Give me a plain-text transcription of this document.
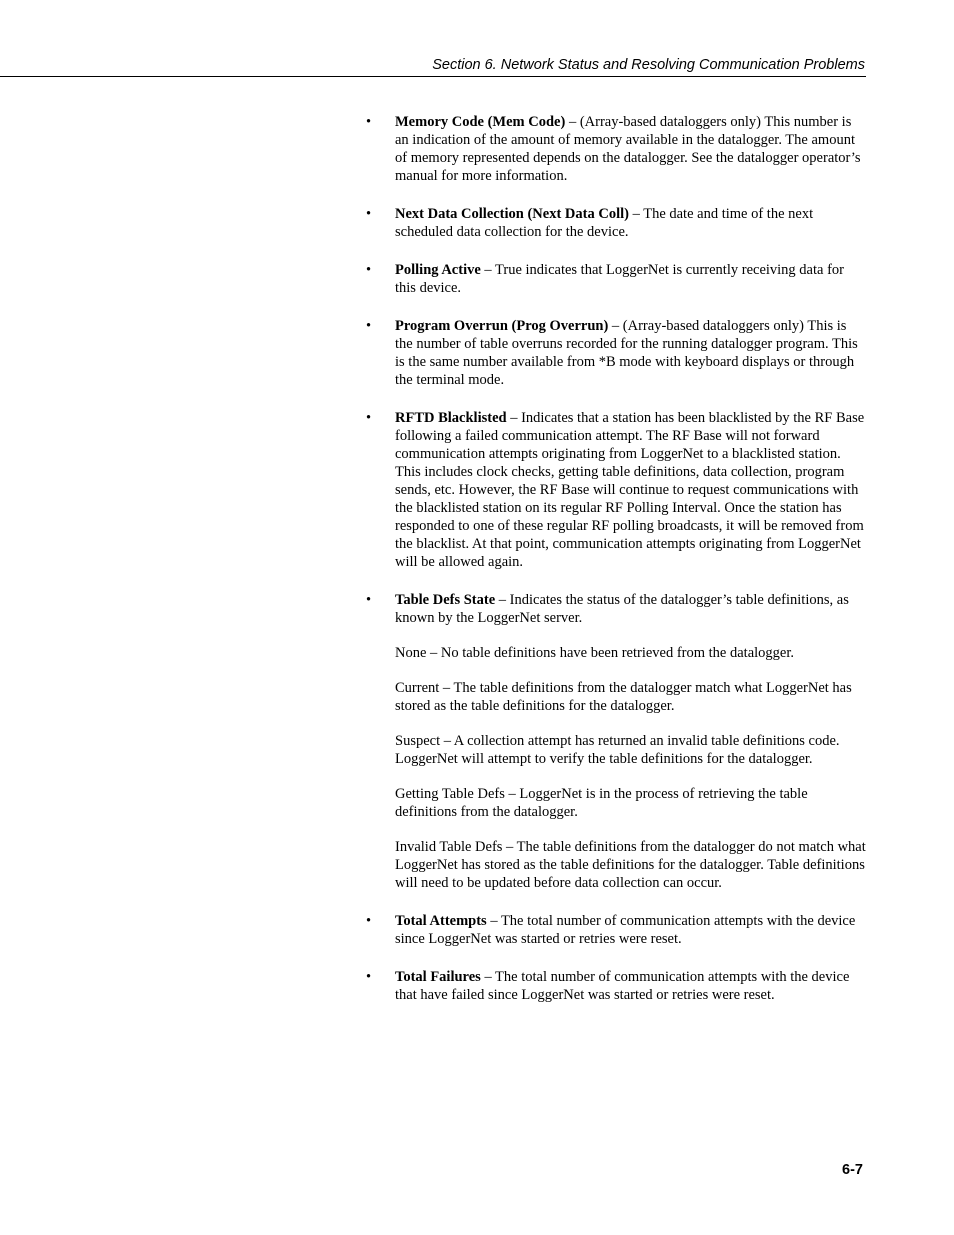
Section 6. Network Status and Resolving Communication Problems
• Memory Code (Mem Code) – (Array-based dataloggers only) This number is an indication of the amount of memory available in the datalogger. The amount of memory represented depends on the datalogger. See the datalogger operator’s manual for more information.

• Next Data Collection (Next Data Coll) – The date and time of the next scheduled data collection for the device.

• Polling Active – True indicates that LoggerNet is currently receiving data for this device.

• Program Overrun (Prog Overrun) – (Array-based dataloggers only) This is the number of table overruns recorded for the running datalogger program. This is the same number available from *B mode with keyboard displays or through the terminal mode.

• RFTD Blacklisted – Indicates that a station has been blacklisted by the RF Base following a failed communication attempt. The RF Base will not forward communication attempts originating from LoggerNet to a blacklisted station. This includes clock checks, getting table definitions, data collection, program sends, etc. However, the RF Base will continue to request communications with the blacklisted station on its regular RF Polling Interval. Once the station has responded to one of these regular RF polling broadcasts, it will be removed from the blacklist. At that point, communication attempts originating from LoggerNet will be allowed again.

• Table Defs State – Indicates the status of the datalogger’s table definitions, as known by the LoggerNet server.

None – No table definitions have been retrieved from the datalogger.

Current – The table definitions from the datalogger match what LoggerNet has stored as the table definitions for the datalogger.

Suspect – A collection attempt has returned an invalid table definitions code. LoggerNet will attempt to verify the table definitions for the datalogger.

Getting Table Defs – LoggerNet is in the process of retrieving the table definitions from the datalogger.

Invalid Table Defs – The table definitions from the datalogger do not match what LoggerNet has stored as the table definitions for the datalogger. Table definitions will need to be updated before data collection can occur.

• Total Attempts – The total number of communication attempts with the device since LoggerNet was started or retries were reset.

• Total Failures – The total number of communication attempts with the device that have failed since LoggerNet was started or retries were reset.

6-7
